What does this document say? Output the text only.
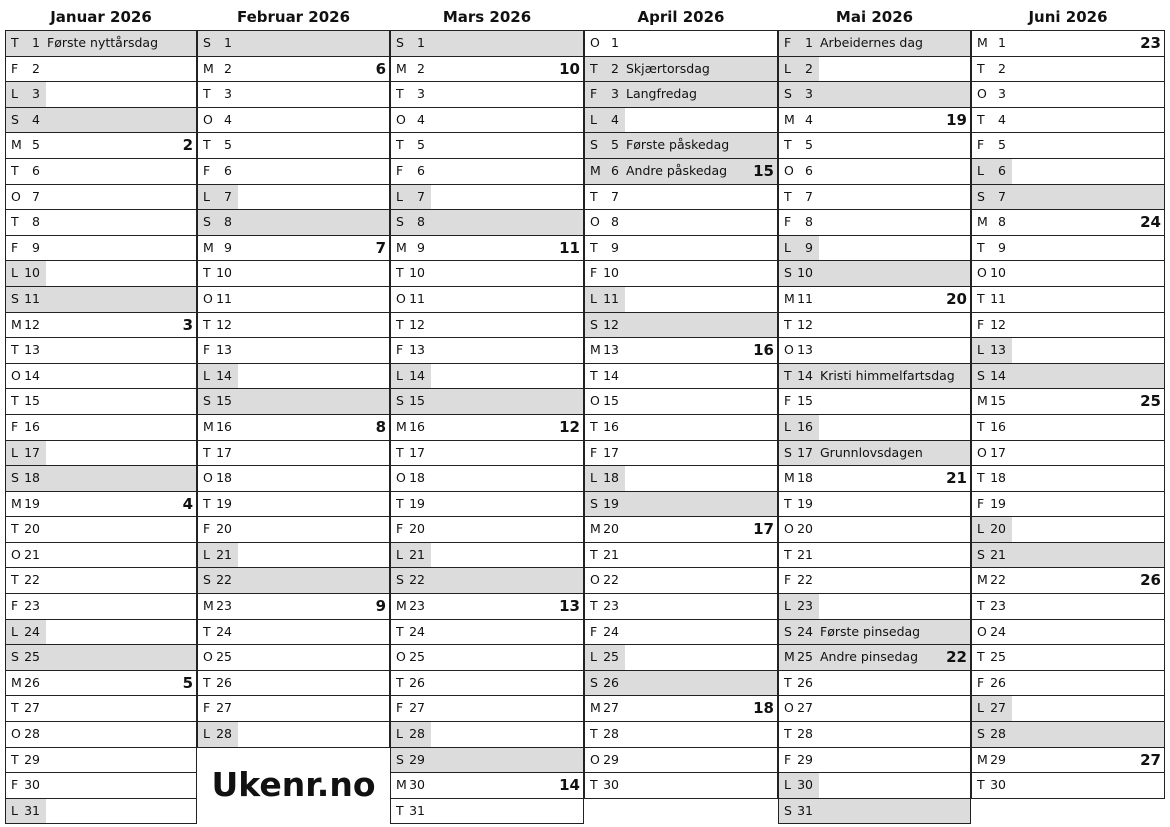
Januar 2026
T	1 Første nyttårsdag
F	2
L	3
S	4
M 5	2
T	6
O 7
T	8
F	9
L 10
S 11
M 12	3
T 13
O 14
T 15
F 16
L 17
S 18
M 19	4
T 20
O 21
T 22
F 23
L 24
S 25
M 26	5
T 27
O 28
T 29
F 30
L 31
Februar 2026
S	1
M 2	6
T	3
O 4
T	5
F	6
L	7
S	8
M 9	7
T 10
O 11
T 12
F 13
L 14
S 15
M 16	8
T 17
O 18
T 19
F 20
L 21
S 22
M 23	9
T 24
O 25
T 26
F 27
L 28
Mars 2026
S	1
M 2	10
T	3
O 4
T	5
F	6
L	7
S	8
M 9	11
T 10
O 11
T 12
F 13
L 14
S 15
M 16	12
T 17
O 18
T 19
F 20
L 21
S 22
M 23	13
T 24
O 25
T 26
F 27
L 28
S 29
M 30	14
T 31
April 2026
O 1
T	2 Skjærtorsdag
F	3 Langfredag
L	4
S	5 Første påskedag
M 6 Andre påskedag 15
T	7
O 8
T	9
F 10
L 11
S 12
M 13	16
T 14
O 15
T 16
F 17
L 18
S 19
M 20	17
T 21
O 22
T 23
F 24
L 25
S 26
M 27	18
T 28
O 29
T 30
Mai 2026
F	1 Arbeidernes dag
L	2
S	3
M 4	19
T	5
O 6
T	7
F	8
L	9
S 10
M 11	20
T 12
O 13
T 14 Kristi himmelfartsdag
F 15
L 16
S 17 Grunnlovsdagen
M 18	21
T 19
O 20
T 21
F 22
L 23
S 24 Første pinsedag
M 25 Andre pinsedag 22
T 26
O 27
T 28
F 29
L 30
S 31
Juni 2026
M 1	23
T	2
O 3
T	4
F	5
L	6
S	7
M 8	24
T	9
O 10
T 11
F 12
L 13
S 14
M 15	25
T 16
O 17
T 18
F 19
L 20
S 21
M 22	26
T 23
O 24
T 25
F 26
L 27
S 28
M 29	27
T 30
Ukenr.no
